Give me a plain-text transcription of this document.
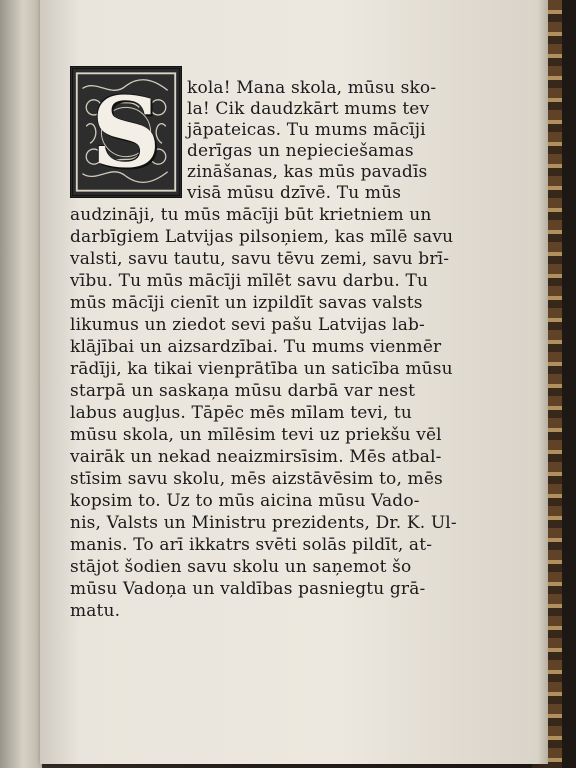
S	kola! Mana skola, mūsu sko-
la! Cik daudzkārt mums tev
jāpateicas. Tu mums mācīji
derīgas un nepieciešamas
zināšanas, kas mūs pavadīs
visā mūsu dzīvē. Tu mūs
audzināji, tu mūs mācīji būt krietniem un
darbīgiem Latvijas pilsoņiem, kas mīlē savu
valsti, savu tautu, savu tēvu zemi, savu brī-
vību. Tu mūs mācīji mīlēt savu darbu. Tu
mūs mācīji cienīt un izpildīt savas valsts
likumus un ziedot sevi pašu Latvijas lab-
klājībai un aizsardzībai. Tu mums vienmēr
rādīji, ka tikai vienprātība un saticība mūsu
starpā un saskaņa mūsu darbā var nest
labus augļus. Tāpēc mēs mīlam tevi, tu
mūsu skola, un mīlēsim tevi uz priekšu vēl
vairāk un nekad neaizmirsīsim. Mēs atbal-
stīsim savu skolu, mēs aizstāvēsim to, mēs
kopsim to. Uz to mūs aicina mūsu Vado-
nis, Valsts un Ministru prezidents, Dr. K. Ul-
manis. To arī ikkatrs svēti solās pildīt, at-
stājot šodien savu skolu un saņemot šo
mūsu Vadoņa un valdības pasniegtu grā-
matu.
